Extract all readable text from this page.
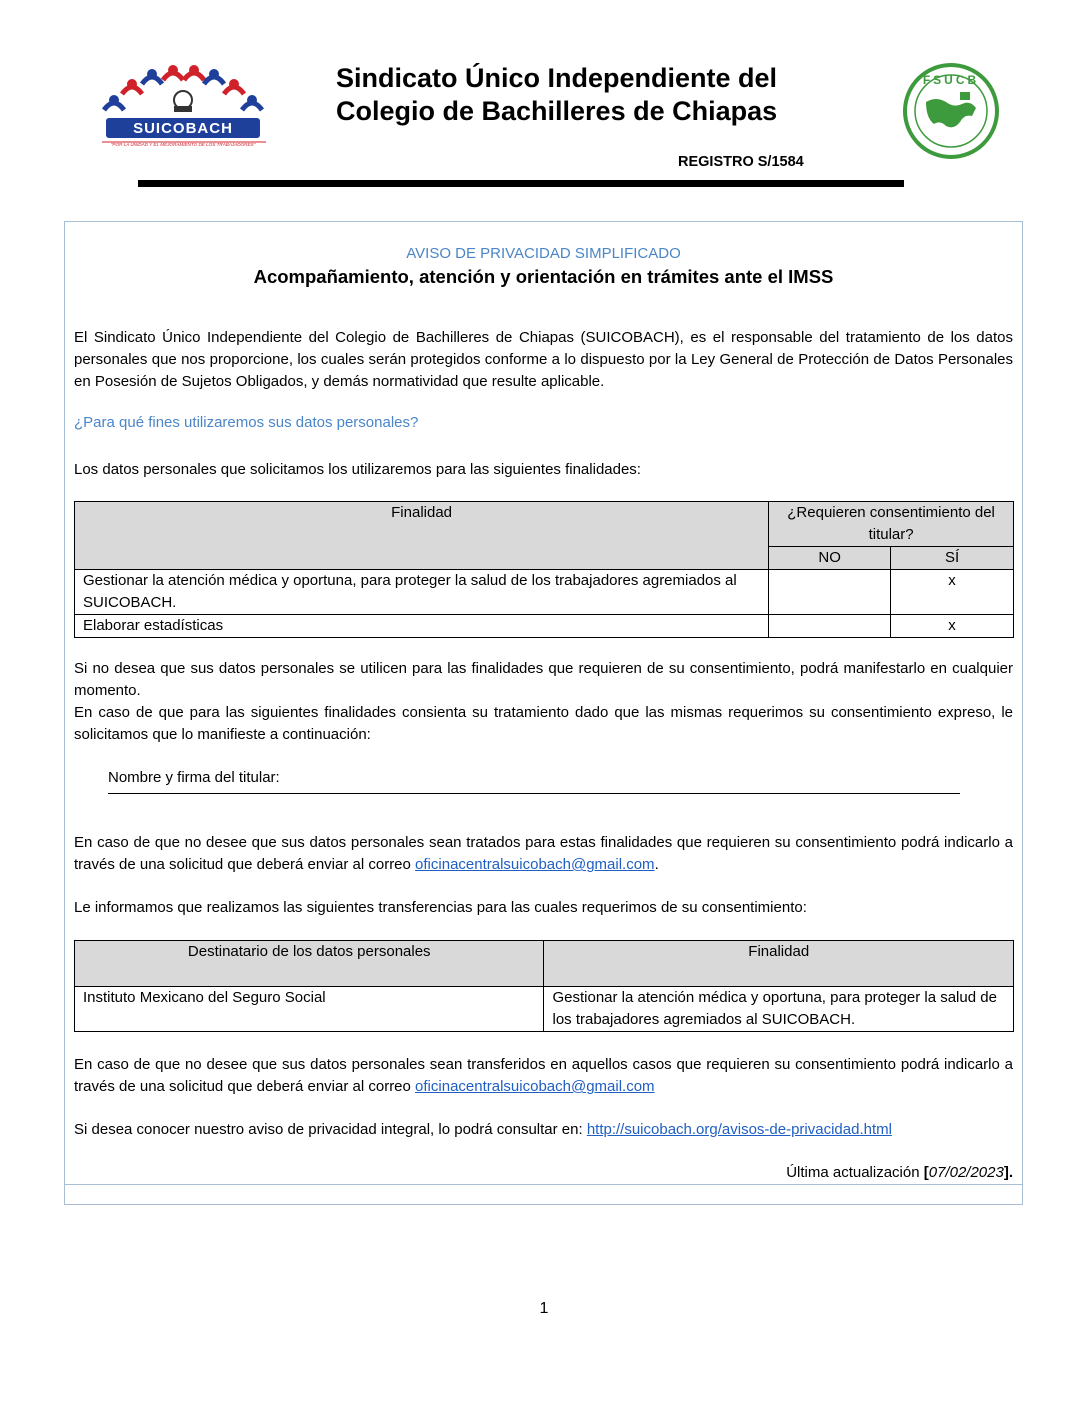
SUICOBACH
"POR LA UNIDAD Y EL MEJORAMIENTO DE LOS TRABAJADORES"
Sindicato Único Independiente del
Colegio de Bachilleres de Chiapas
FSUCB
REGISTRO S/1584
AVISO DE PRIVACIDAD SIMPLIFICADO
Acompañamiento, atención y orientación en trámites ante el IMSS
El Sindicato Único Independiente del Colegio de Bachilleres de Chiapas (SUICOBACH), es el responsable del tratamiento de los datos personales que nos proporcione, los cuales serán protegidos conforme a lo dispuesto por la Ley General de Protección de Datos Personales en Posesión de Sujetos Obligados, y demás normatividad que resulte aplicable.
¿Para qué fines utilizaremos sus datos personales?
Los datos personales que solicitamos los utilizaremos para las siguientes finalidades:
Finalidad	¿Requieren consentimiento del titular?	
	NO	SÍ
Gestionar la atención médica y oportuna, para proteger la salud de los trabajadores agremiados al SUICOBACH.		x
Elaborar estadísticas		x
Si no desea que sus datos personales se utilicen para las finalidades que requieren de su consentimiento, podrá manifestarlo en cualquier momento.
En caso de que para las siguientes finalidades consienta su tratamiento dado que las mismas requerimos su consentimiento expreso, le solicitamos que lo manifieste a continuación:
Nombre y firma del titular:
En caso de que no desee que sus datos personales sean tratados para estas finalidades que requieren su consentimiento podrá indicarlo a través de una solicitud que deberá enviar al correo oficinacentralsuicobach@gmail.com.
Le informamos que realizamos las siguientes transferencias para las cuales requerimos de su consentimiento:
Destinatario de los datos personales	Finalidad
Instituto Mexicano del Seguro Social	Gestionar la atención médica y oportuna, para proteger la salud de los trabajadores agremiados al SUICOBACH.
En caso de que no desee que sus datos personales sean transferidos en aquellos casos que requieren su consentimiento podrá indicarlo a través de una solicitud que deberá enviar al correo oficinacentralsuicobach@gmail.com
Si desea conocer nuestro aviso de privacidad integral, lo podrá consultar en: http://suicobach.org/avisos-de-privacidad.html
Última actualización [07/02/2023].
1
